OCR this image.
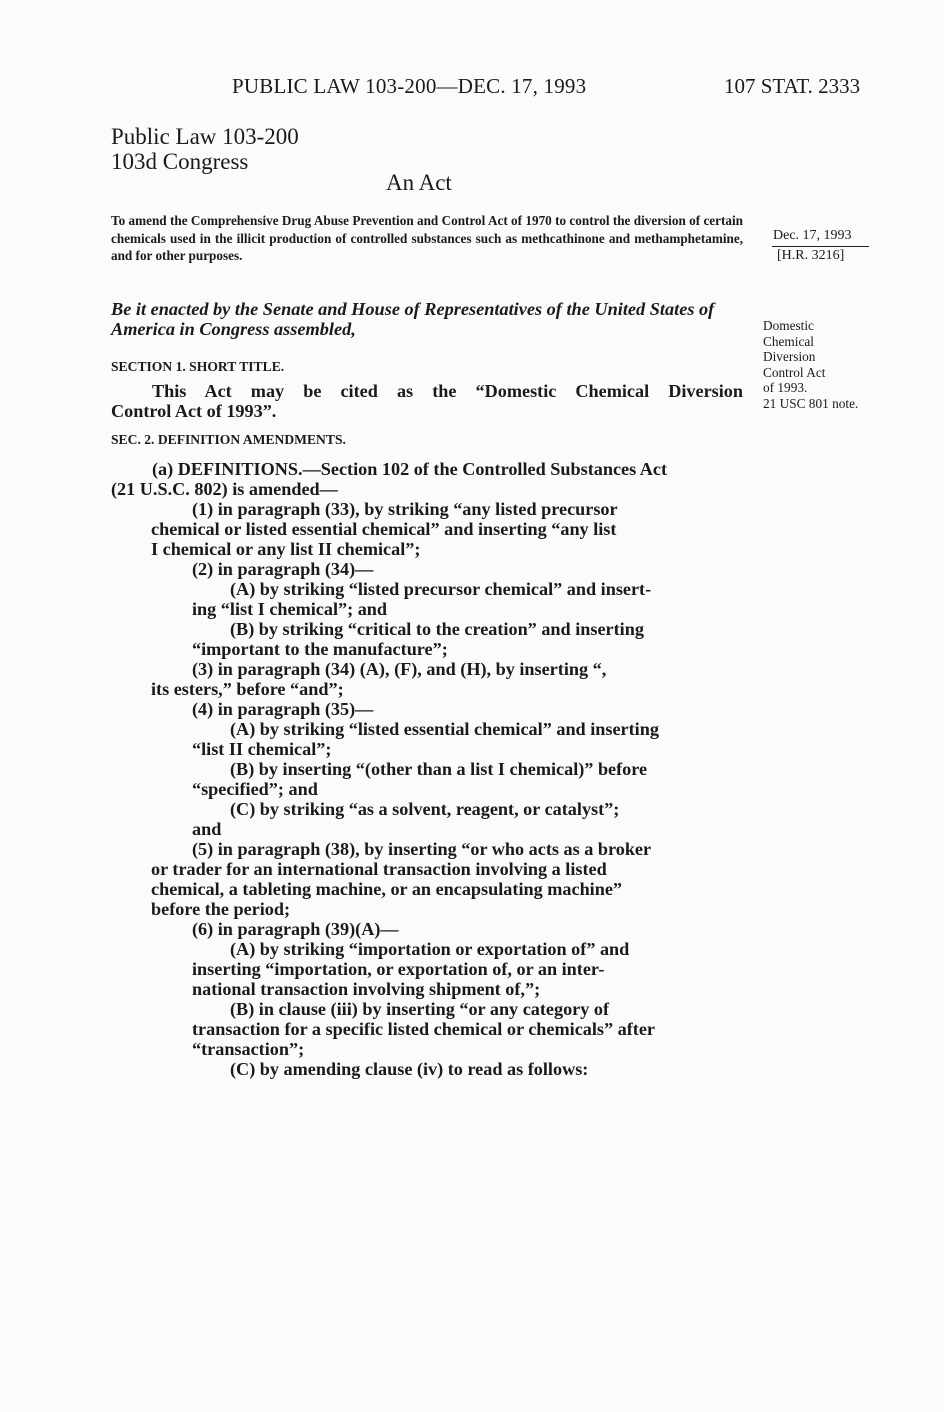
PUBLIC LAW 103-200—DEC. 17, 1993	107 STAT. 2333
Public Law 103-200
103d Congress
An Act
To amend the Comprehensive Drug Abuse Prevention and Control Act of 1970 to control the diversion of certain chemicals used in the illicit production of controlled substances such as methcathinone and methamphetamine, and for other purposes.
Dec. 17, 1993
[H.R. 3216]
Be it enacted by the Senate and House of Representatives of the United States of America in Congress assembled,	Domestic
Chemical
Diversion
Control Act
of 1993.
21 USC 801 note.
SECTION 1. SHORT TITLE.
This Act may be cited as the “Domestic Chemical Diversion
Control Act of 1993”.
SEC. 2. DEFINITION AMENDMENTS.
(a) DEFINITIONS.—Section 102 of the Controlled Substances Act
(21 U.S.C. 802) is amended—
(1) in paragraph (33), by striking “any listed precursor
chemical or listed essential chemical” and inserting “any list
I chemical or any list II chemical”;
(2) in paragraph (34)—
(A) by striking “listed precursor chemical” and insert-
ing “list I chemical”; and
(B) by striking “critical to the creation” and inserting
“important to the manufacture”;
(3) in paragraph (34) (A), (F), and (H), by inserting “,
its esters,” before “and”;
(4) in paragraph (35)—
(A) by striking “listed essential chemical” and inserting
“list II chemical”;
(B) by inserting “(other than a list I chemical)” before
“specified”; and
(C) by striking “as a solvent, reagent, or catalyst”;
and
(5) in paragraph (38), by inserting “or who acts as a broker
or trader for an international transaction involving a listed
chemical, a tableting machine, or an encapsulating machine”
before the period;
(6) in paragraph (39)(A)—
(A) by striking “importation or exportation of” and
inserting “importation, or exportation of, or an inter-
national transaction involving shipment of,”;
(B) in clause (iii) by inserting “or any category of
transaction for a specific listed chemical or chemicals” after
“transaction”;
(C) by amending clause (iv) to read as follows:
